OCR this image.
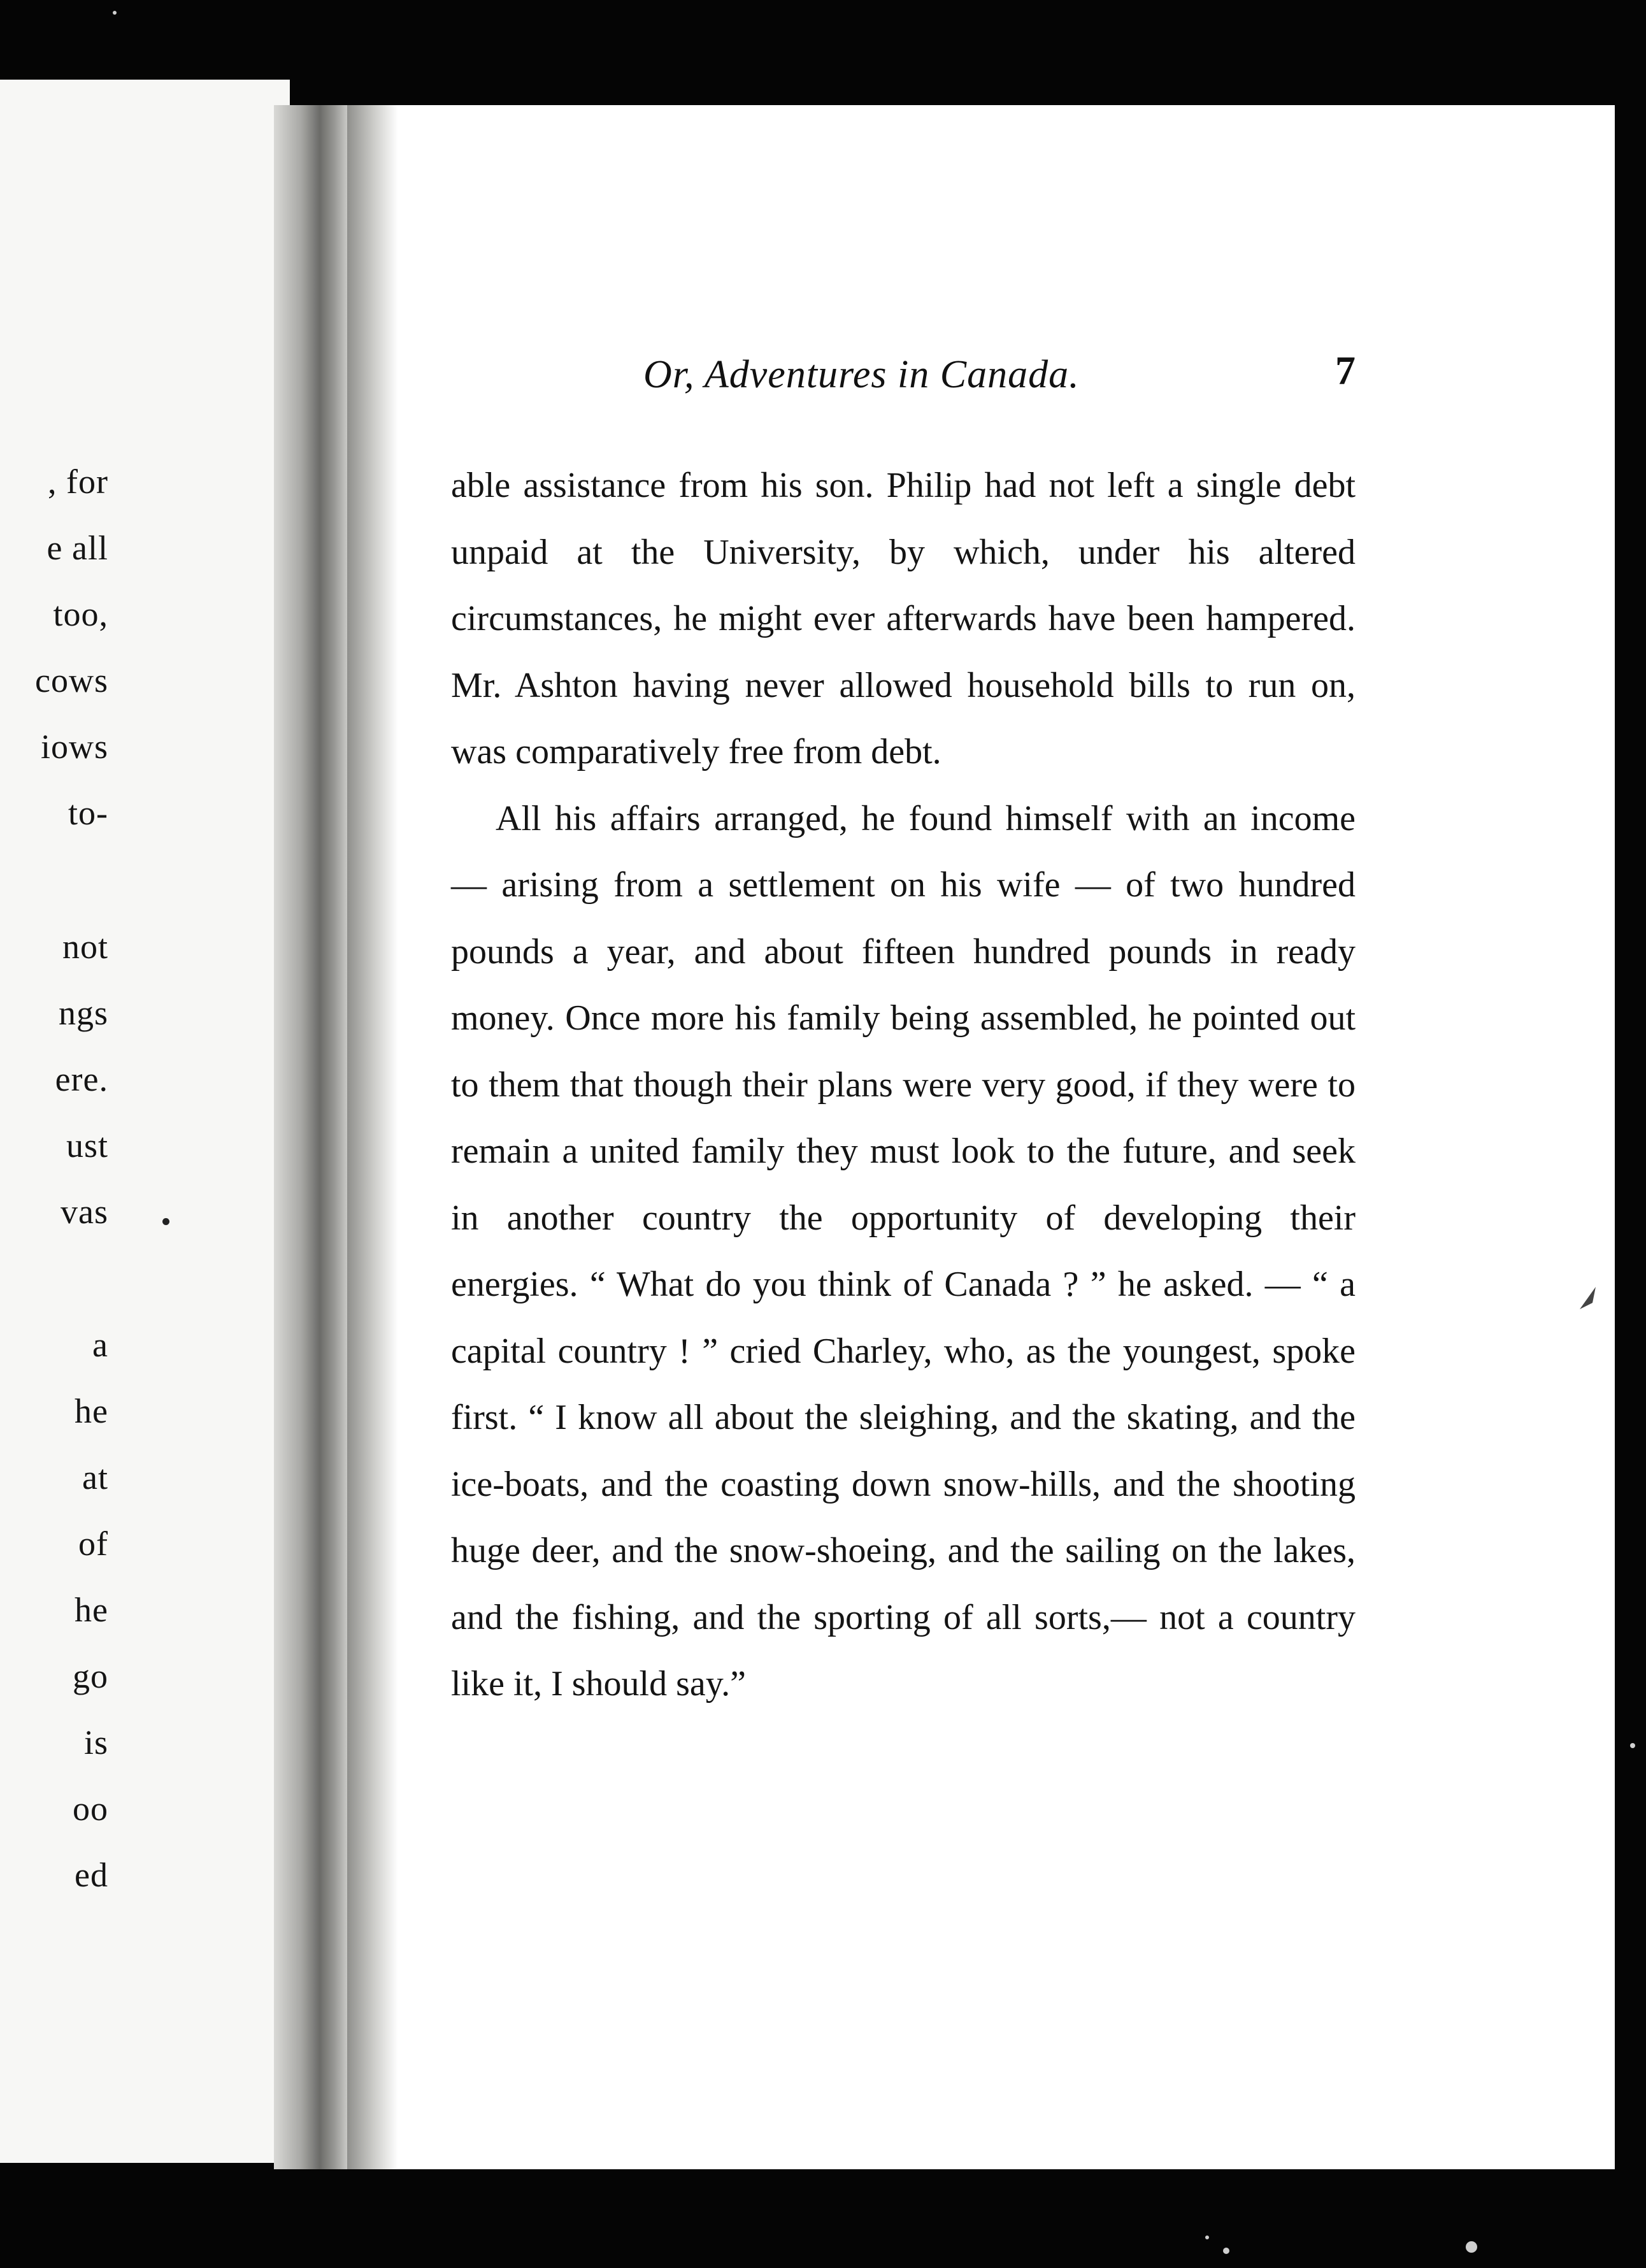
, for
e all
too,
cows
iows
to-
not
ngs
ere.
ust
vas
a
he
at
of
he
go
is
oo
ed
Or, Adventures in Canada.	7

able assistance from his son. Philip had not left a single debt unpaid at the University, by which, under his altered circumstances, he might ever afterwards have been hampered. Mr. Ashton having never allowed household bills to run on, was comparatively free from debt.

All his affairs arranged, he found himself with an income — arising from a settlement on his wife — of two hundred pounds a year, and about fifteen hundred pounds in ready money. Once more his family being assembled, he pointed out to them that though their plans were very good, if they were to remain a united family they must look to the future, and seek in another country the opportunity of developing their energies. “ What do you think of Canada ? ” he asked. — “ a capital country ! ” cried Charley, who, as the youngest, spoke first. “ I know all about the sleighing, and the skating, and the ice-boats, and the coasting down snow-hills, and the shooting huge deer, and the snow-shoeing, and the sailing on the lakes, and the fishing, and the sporting of all sorts,— not a country like it, I should say.”
